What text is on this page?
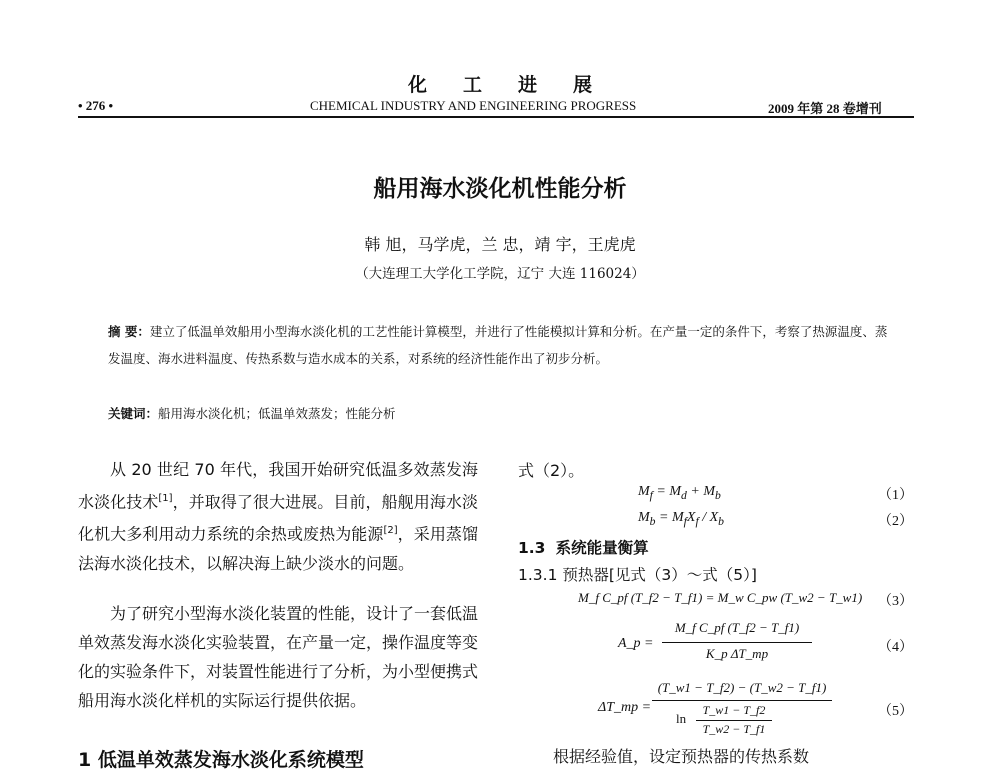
化工进展
• 276 •	CHEMICAL INDUSTRY AND ENGINEERING PROGRESS	2009 年第 28 卷增刊
船用海水淡化机性能分析
韩 旭，马学虎，兰 忠，靖 宇，王虎虎
（大连理工大学化工学院，辽宁 大连 116024）
摘 要：建立了低温单效船用小型海水淡化机的工艺性能计算模型，并进行了性能模拟计算和分析。在产量一定的条件下，考察了热源温度、蒸发温度、海水进料温度、传热系数与造水成本的关系，对系统的经济性能作出了初步分析。
关键词：船用海水淡化机；低温单效蒸发；性能分析
从 20 世纪 70 年代，我国开始研究低温多效蒸发海水淡化技术[1]，并取得了很大进展。目前，船舰用海水淡化机大多利用动力系统的余热或废热为能源[2]，采用蒸馏法海水淡化技术，以解决海上缺少淡水的问题。
为了研究小型海水淡化装置的性能，设计了一套低温单效蒸发海水淡化实验装置，在产量一定，操作温度等变化的实验条件下，对装置性能进行了分析，为小型便携式船用海水淡化样机的实际运行提供依据。
1 低温单效蒸发海水淡化系统模型
式（2）。
$M_f = M_d + M_b$	（1）
$M_b = M_fX_f / X_b$	（2）
1.3 系统能量衡算
1.3.1 预热器[见式（3）～式（5）]
M_f C_pf (T_f2 − T_f1) = M_w C_pw (T_w2 − T_w1) （3）
A_p =
M_f C_pf (T_f2 − T_f1)
K_p ΔT_mp	（4）
ΔT_mp =
(T_w1 − T_f2) − (T_w2 − T_f1)
ln
T_w1 − T_f2
T_w2 − T_f1
（5）
根据经验值，设定预热器的传热系数
